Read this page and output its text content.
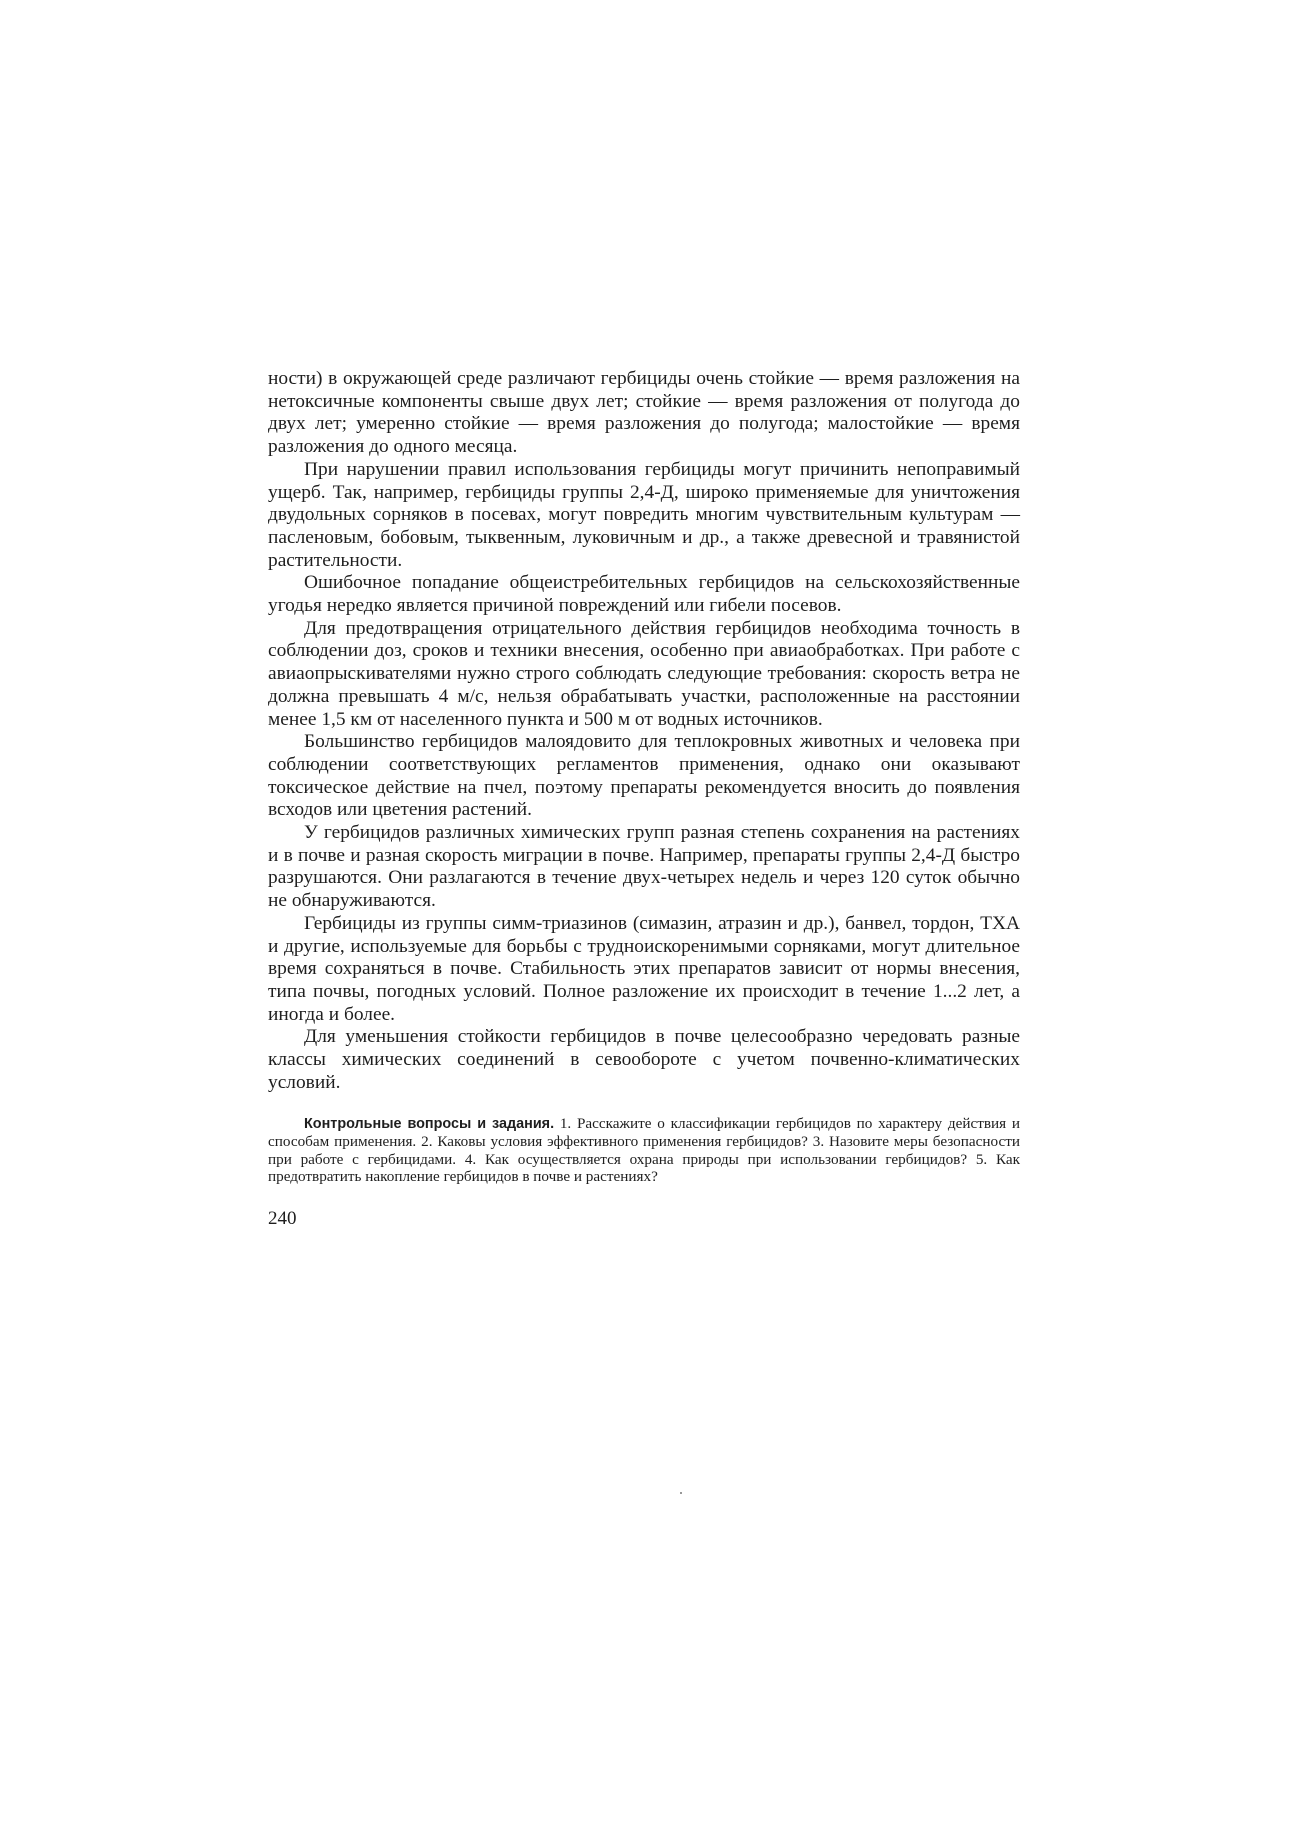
ности) в окружающей среде различают гербициды очень стойкие — время разложения на нетоксичные компоненты свыше двух лет; стойкие — время разложения от полугода до двух лет; умеренно стойкие — время разложения до полугода; малостойкие — время разложения до одного месяца.

При нарушении правил использования гербициды могут причинить непоправимый ущерб. Так, например, гербициды группы 2,4-Д, широко применяемые для уничтожения двудольных сорняков в посевах, могут повредить многим чувствительным культурам — пасленовым, бобовым, тыквенным, луковичным и др., а также древесной и травянистой растительности.

Ошибочное попадание общеистребительных гербицидов на сельскохозяйственные угодья нередко является причиной повреждений или гибели посевов.

Для предотвращения отрицательного действия гербицидов необходима точность в соблюдении доз, сроков и техники внесения, особенно при авиаобработках. При работе с авиаопрыскивателями нужно строго соблюдать следующие требования: скорость ветра не должна превышать 4 м/с, нельзя обрабатывать участки, расположенные на расстоянии менее 1,5 км от населенного пункта и 500 м от водных источников.

Большинство гербицидов малоядовито для теплокровных животных и человека при соблюдении соответствующих регламентов применения, однако они оказывают токсическое действие на пчел, поэтому препараты рекомендуется вносить до появления всходов или цветения растений.

У гербицидов различных химических групп разная степень сохранения на растениях и в почве и разная скорость миграции в почве. Например, препараты группы 2,4-Д быстро разрушаются. Они разлагаются в течение двух-четырех недель и через 120 суток обычно не обнаруживаются.

Гербициды из группы симм-триазинов (симазин, атразин и др.), банвел, тордон, ТХА и другие, используемые для борьбы с трудноискоренимыми сорняками, могут длительное время сохраняться в почве. Стабильность этих препаратов зависит от нормы внесения, типа почвы, погодных условий. Полное разложение их происходит в течение 1...2 лет, а иногда и более.

Для уменьшения стойкости гербицидов в почве целесообразно чередовать разные классы химических соединений в севообороте с учетом почвенно-климатических условий.

Контрольные вопросы и задания. 1. Расскажите о классификации гербицидов по характеру действия и способам применения. 2. Каковы условия эффективного применения гербицидов? 3. Назовите меры безопасности при работе с гербицидами. 4. Как осуществляется охрана природы при использовании гербицидов? 5. Как предотвратить накопление гербицидов в почве и растениях?
240
